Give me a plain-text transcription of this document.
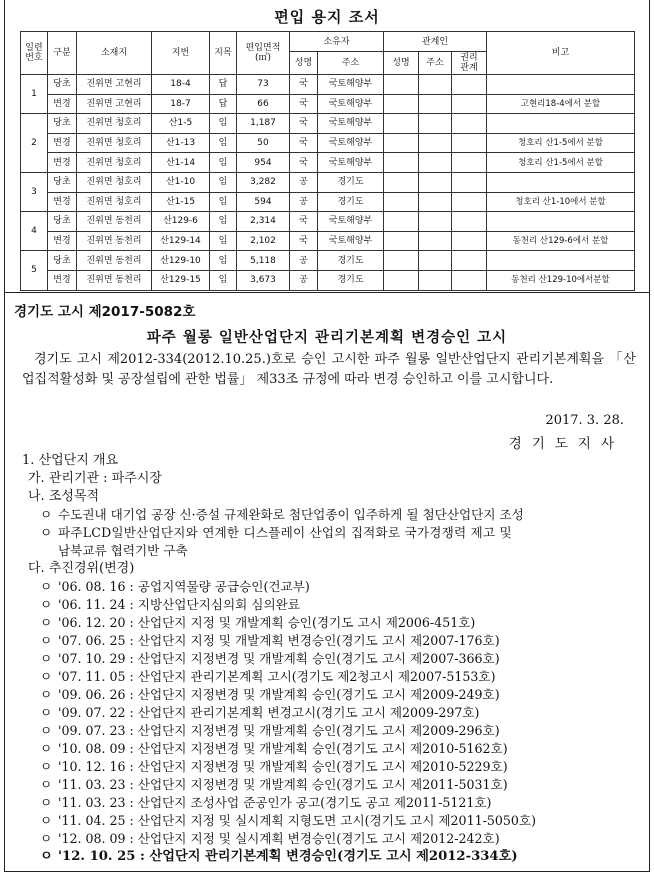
편입 용지 조서
일련
번호	구분	소재지	지번	지목	편입면적
(㎡)	소유자		관계인			비고
						성명	주소	성명	주소	권리
관계	
1	당초	진위면 고현리	18-4	답	73	국	국토해양부				
	변경	진위면 고현리	18-7	답	66	국	국토해양부				고현리18-4에서 분할
2	당초	진위면 청호리	산1-5	임	1,187	국	국토해양부				
	변경	진위면 청호리	산1-13	임	50	국	국토해양부				청호리 산1-5에서 분할
	변경	진위면 청호리	산1-14	임	954	국	국토해양부				청호리 산1-5에서 분할
3	당초	진위면 청호리	산1-10	임	3,282	공	경기도				
	변경	진위면 청호리	산1-15	임	594	공	경기도				청호리 산1-10에서 분할
4	당초	진위면 동천리	산129-6	임	2,314	국	국토해양부				
	변경	진위면 동천리	산129-14	임	2,102	국	국토해양부				동천리 산129-6에서 분할
5	당초	진위면 동천리	산129-10	임	5,118	공	경기도				
	변경	진위면 동천리	산129-15	임	3,673	공	경기도				동천리 산129-10에서분할
경기도 고시 제2017-5082호
파주 월롱 일반산업단지 관리기본계획 변경승인 고시
경기도 고시 제2012-334(2012.10.25.)호로 승인 고시한 파주 월롱 일반산업단지 관리기본계획을 「산업집적활성화 및 공장설립에 관한 법률」 제33조 규정에 따라 변경 승인하고 이를 고시합니다.
2017. 3. 28.
경기도지사
1. 산업단지 개요
가. 관리기관 : 파주시장
나. 조성목적
ㅇ 수도권내 대기업 공장 신·증설 규제완화로 첨단업종이 입주하게 될 첨단산업단지 조성
ㅇ 파주LCD일반산업단지와 연계한 디스플레이 산업의 집적화로 국가경쟁력 제고 및
남북교류 협력기반 구축
다. 추진경위(변경)
ㅇ '06. 08. 16 : 공업지역물량 공급승인(건교부)
ㅇ '06. 11. 24 : 지방산업단지심의회 심의완료
ㅇ '06. 12. 20 : 산업단지 지정 및 개발계획 승인(경기도 고시 제2006-451호)
ㅇ '07. 06. 25 : 산업단지 지정 및 개발계획 변경승인(경기도 고시 제2007-176호)
ㅇ '07. 10. 29 : 산업단지 지정변경 및 개발계획 승인(경기도 고시 제2007-366호)
ㅇ '07. 11. 05 : 산업단지 관리기본계획 고시(경기도 제2청고시 제2007-5153호)
ㅇ '09. 06. 26 : 산업단지 지정변경 및 개발계획 승인(경기도 고시 제2009-249호)
ㅇ '09. 07. 22 : 산업단지 관리기본계획 변경고시(경기도 고시 제2009-297호)
ㅇ '09. 07. 23 : 산업단지 지정변경 및 개발계획 승인(경기도 고시 제2009-296호)
ㅇ '10. 08. 09 : 산업단지 지정변경 및 개발계획 승인(경기도 고시 제2010-5162호)
ㅇ '10. 12. 16 : 산업단지 지정변경 및 개발계획 승인(경기도 고시 제2010-5229호)
ㅇ '11. 03. 23 : 산업단지 지정변경 및 개발계획 승인(경기도 고시 제2011-5031호)
ㅇ '11. 03. 23 : 산업단지 조성사업 준공인가 공고(경기도 공고 제2011-5121호)
ㅇ '11. 04. 25 : 산업단지 지정 및 실시계획 지형도면 고시(경기도 고시 제2011-5050호)
ㅇ '12. 08. 09 : 산업단지 지정 및 실시계획 변경승인(경기도 고시 제2012-242호)
ㅇ '12. 10. 25 : 산업단지 관리기본계획 변경승인(경기도 고시 제2012-334호)
